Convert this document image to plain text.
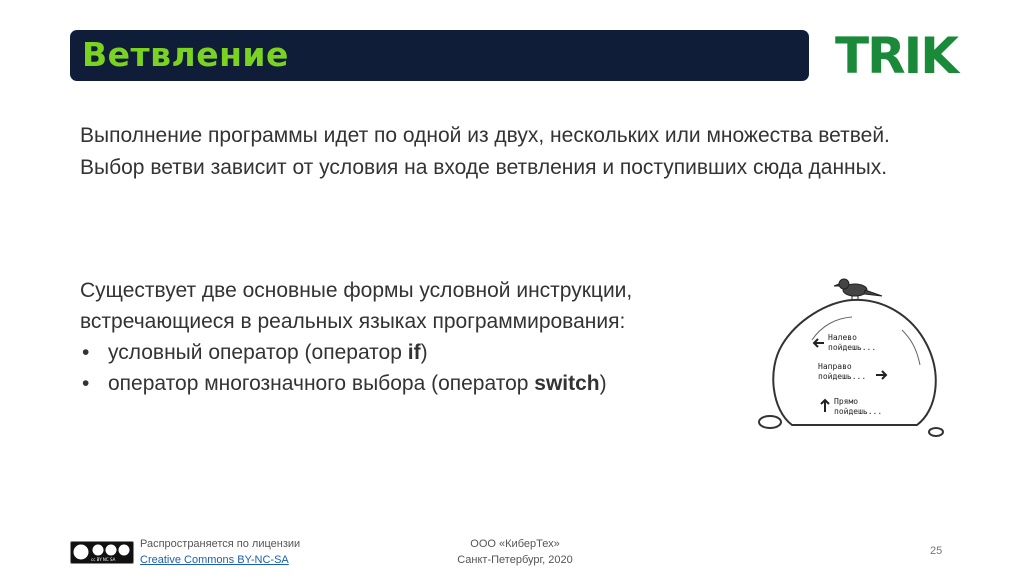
Ветвление	TRIK
Выполнение программы идет по одной из двух, нескольких или множества ветвей. Выбор ветви зависит от условия на входе ветвления и поступивших сюда данных.
Существует две основные формы условной инструкции,
встречающиеся в реальных языках программирования:
• условный оператор (оператор if)
• оператор многозначного выбора (оператор switch)
Налево
пойдешь...
Направо
пойдешь...
Прямо
пойдешь...
cc BY NC SA
Распространяется по лицензии
Creative Commons BY-NC-SA
ООО «КиберТех»
Санкт-Петербург, 2020
25
